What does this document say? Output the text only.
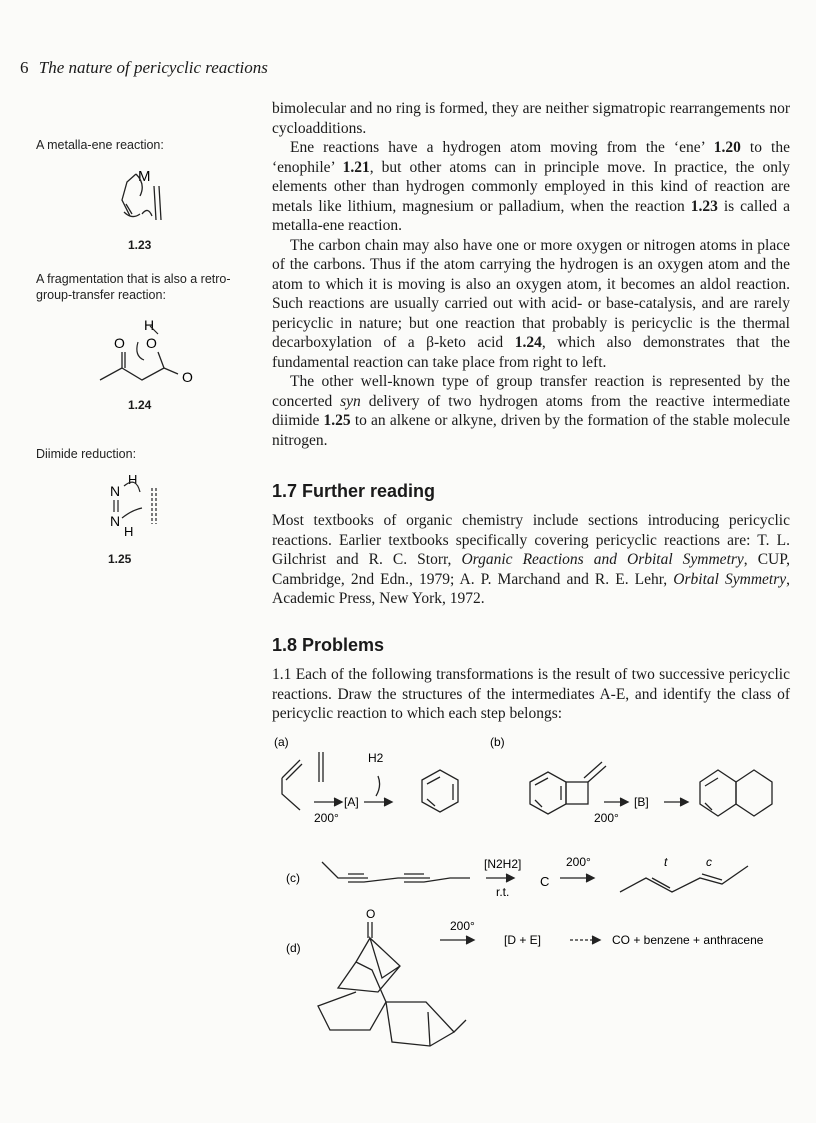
6 The nature of pericyclic reactions
A metalla-ene reaction:
M
1.23
A fragmentation that is also a retro-group-transfer reaction:
H
O
O
O
1.24
Diimide reduction:
H
N
N
H
1.25

bimolecular and no ring is formed, they are neither sigmatropic rearrangements nor cycloadditions.

Ene reactions have a hydrogen atom moving from the ‘ene’ 1.20 to the ‘enophile’ 1.21, but other atoms can in principle move. In practice, the only elements other than hydrogen commonly employed in this kind of reaction are metals like lithium, magnesium or palladium, when the reaction 1.23 is called a metalla-ene reaction.

The carbon chain may also have one or more oxygen or nitrogen atoms in place of the carbons. Thus if the atom carrying the hydrogen is an oxygen atom and the atom to which it is moving is also an oxygen atom, it becomes an aldol reaction. Such reactions are usually carried out with acid- or base-catalysis, and are rarely pericyclic in nature; but one reaction that probably is pericyclic is the thermal decarboxylation of a β-keto acid 1.24, which also demonstrates that the fundamental reaction can take place from right to left.

The other well-known type of group transfer reaction is represented by the concerted syn delivery of two hydrogen atoms from the reactive intermediate diimide 1.25 to an alkene or alkyne, driven by the formation of the stable molecule nitrogen.

1.7 Further reading

Most textbooks of organic chemistry include sections introducing pericyclic reactions. Earlier textbooks specifically covering pericyclic reactions are: T. L. Gilchrist and R. C. Storr, Organic Reactions and Orbital Symmetry, CUP, Cambridge, 2nd Edn., 1979; A. P. Marchand and R. E. Lehr, Orbital Symmetry, Academic Press, New York, 1972.

1.8 Problems

1.1 Each of the following transformations is the result of two successive pericyclic reactions. Draw the structures of the intermediates A-E, and identify the class of pericyclic reaction to which each step belongs:

(a)
H2
[A]
200°
(b)
[B]
200°
(c)
[N2H2]
r.t.
C
200°	t	c
(d)
O
200°
[D + E]	CO + benzene + anthracene
